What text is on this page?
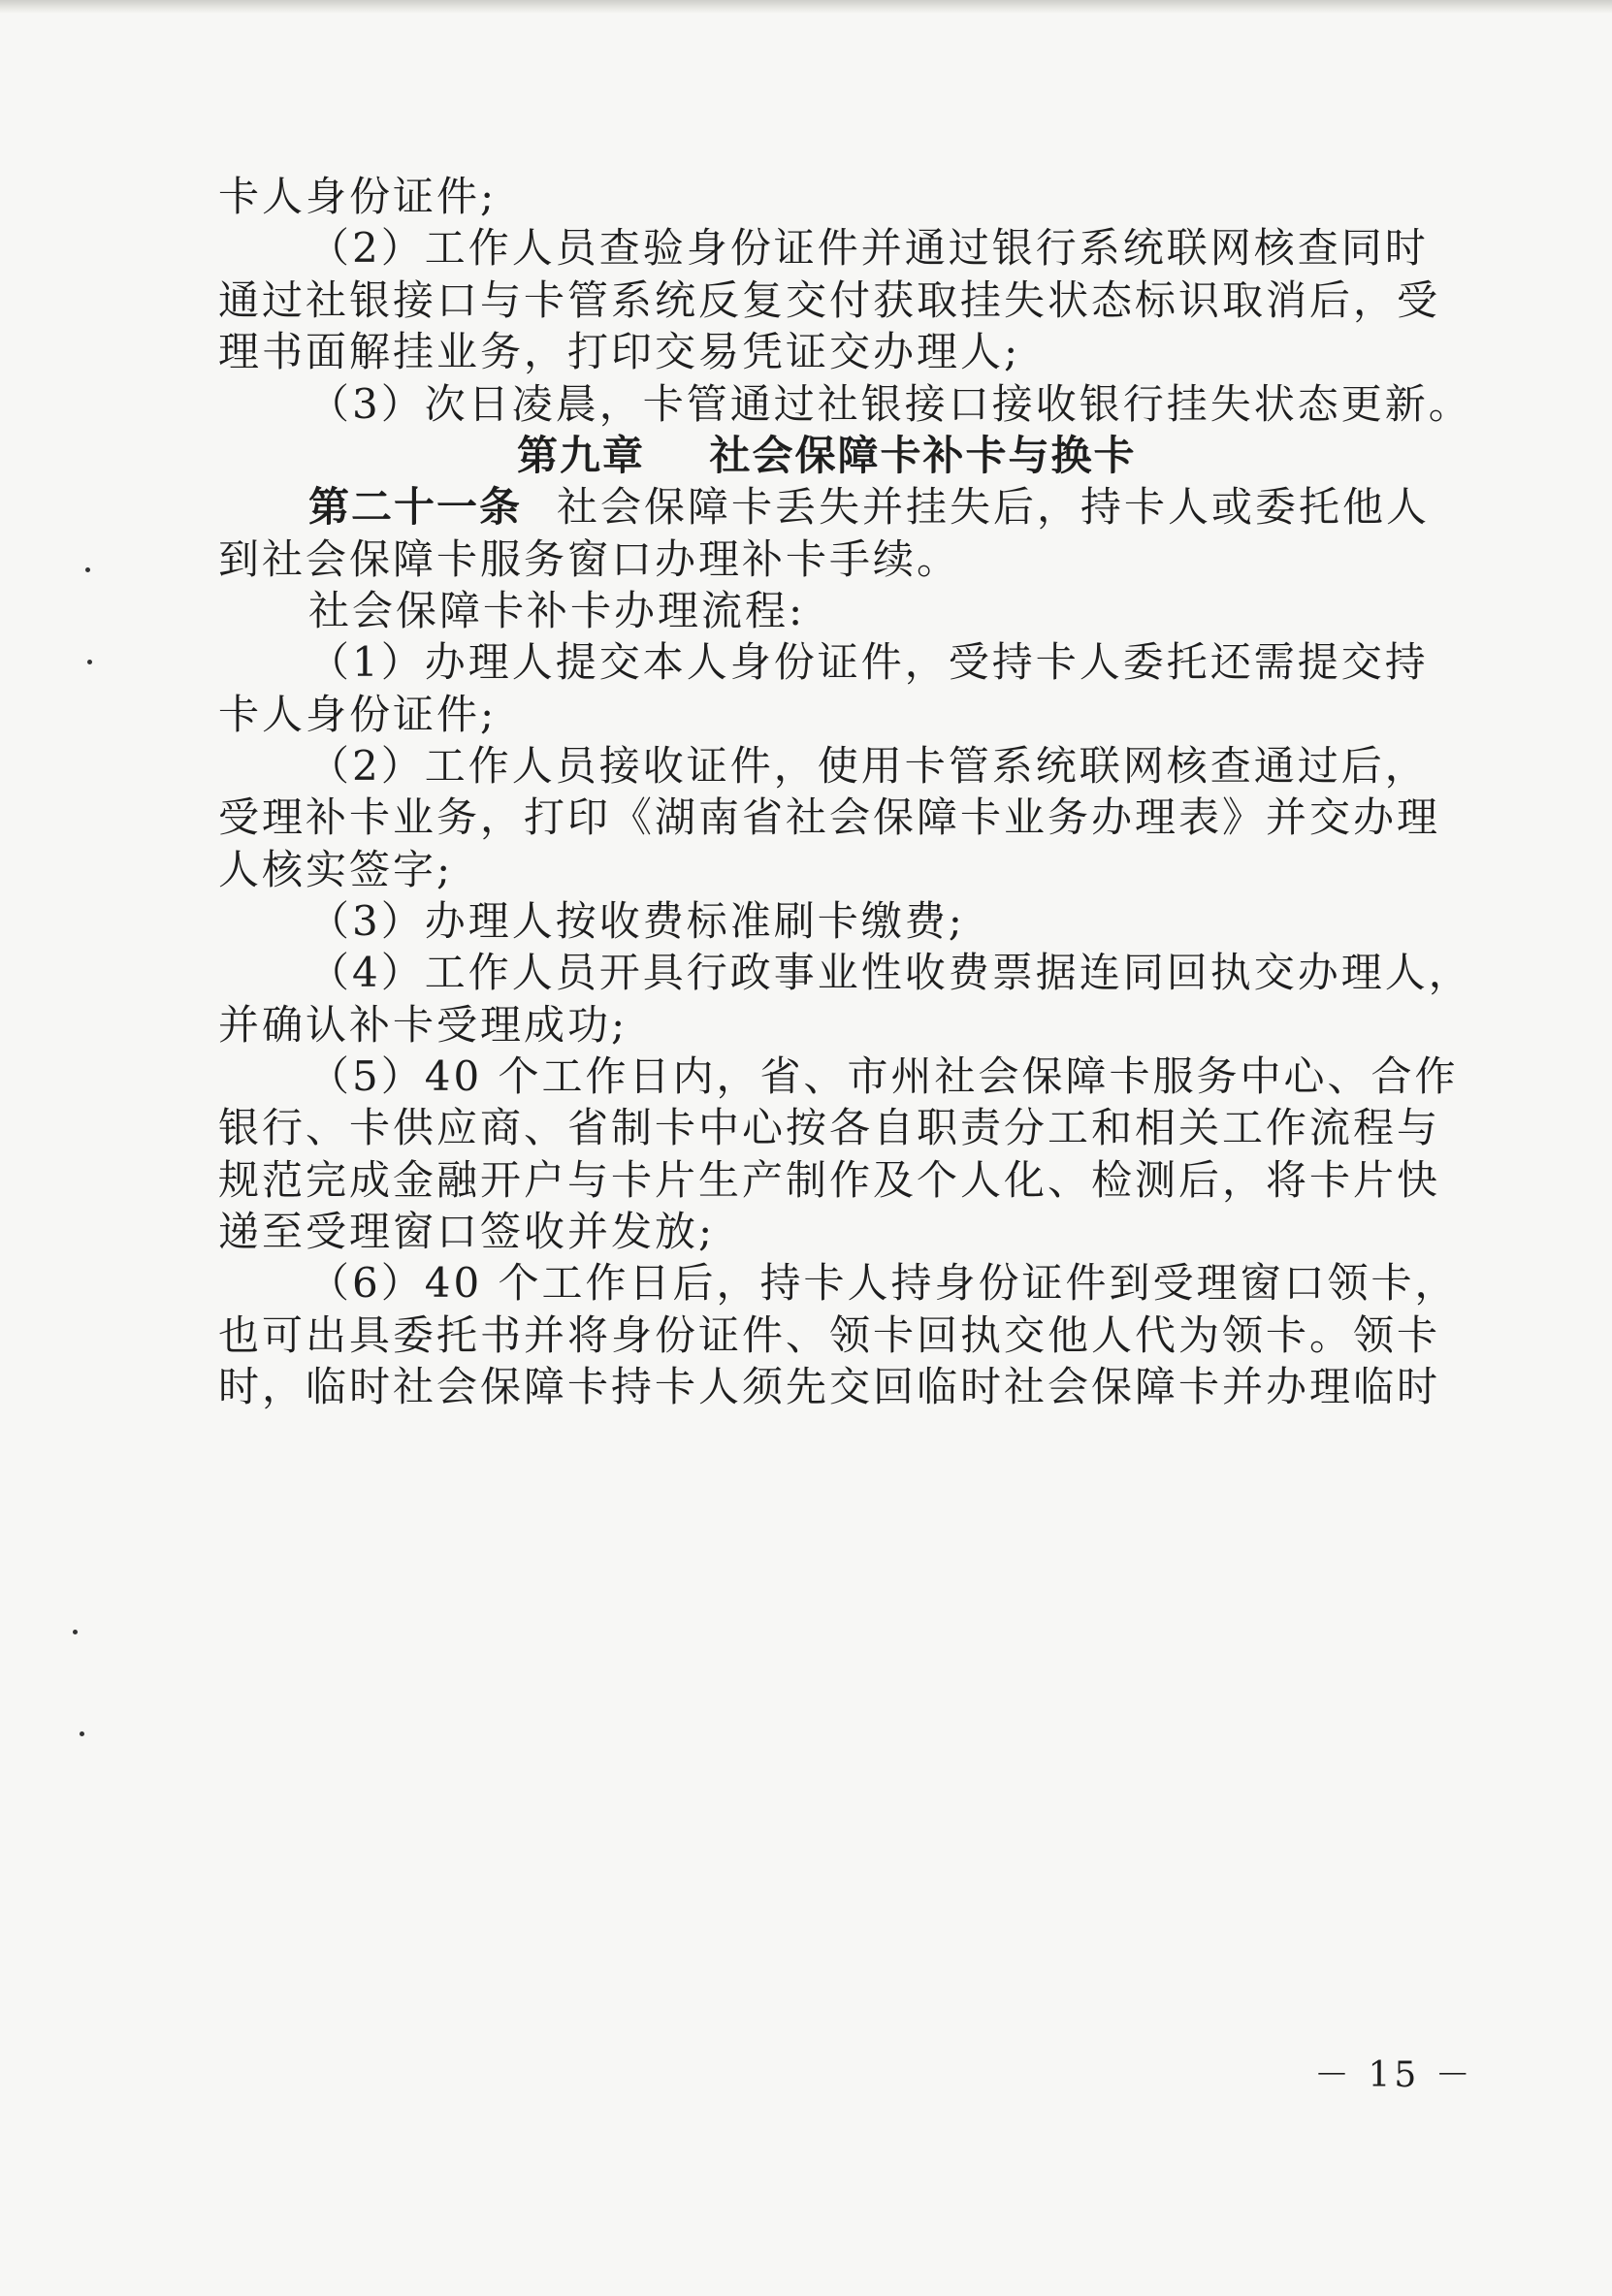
卡人身份证件;
（2）工作人员查验身份证件并通过银行系统联网核查同时
通过社银接口与卡管系统反复交付获取挂失状态标识取消后，受
理书面解挂业务，打印交易凭证交办理人;
（3）次日凌晨，卡管通过社银接口接收银行挂失状态更新。
第九章    社会保障卡补卡与换卡
第二十一条 社会保障卡丢失并挂失后，持卡人或委托他人
到社会保障卡服务窗口办理补卡手续。
社会保障卡补卡办理流程:
（1）办理人提交本人身份证件，受持卡人委托还需提交持
卡人身份证件;
（2）工作人员接收证件，使用卡管系统联网核查通过后，
受理补卡业务，打印《湖南省社会保障卡业务办理表》并交办理
人核实签字;
（3）办理人按收费标准刷卡缴费;
（4）工作人员开具行政事业性收费票据连同回执交办理人，
并确认补卡受理成功;
（5）40 个工作日内，省、市州社会保障卡服务中心、合作
银行、卡供应商、省制卡中心按各自职责分工和相关工作流程与
规范完成金融开户与卡片生产制作及个人化、检测后，将卡片快
递至受理窗口签收并发放;
（6）40 个工作日后，持卡人持身份证件到受理窗口领卡，
也可出具委托书并将身份证件、领卡回执交他人代为领卡。领卡
时，临时社会保障卡持卡人须先交回临时社会保障卡并办理临时
－ 15 －
